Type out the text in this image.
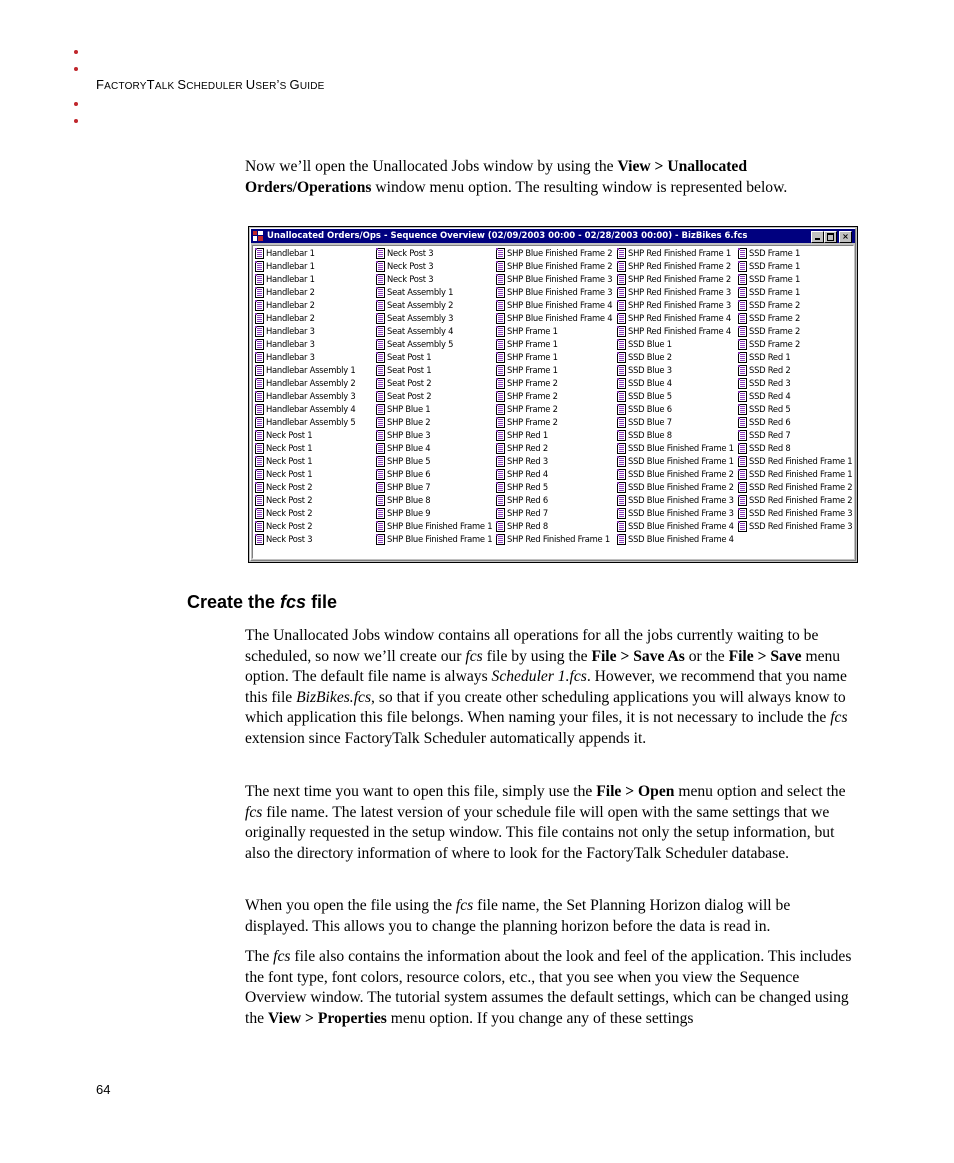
FACTORYTALK SCHEDULER USER’S GUIDE

Now we’ll open the Unallocated Jobs window by using the View > Unallocated Orders/Operations window menu option. The resulting window is represented below.

Unallocated Orders/Ops - Sequence Overview (02/09/2003 00:00 - 02/28/2003 00:00) - BizBikes 6.fcs	×
Handlebar 1
Handlebar 1
Handlebar 1
Handlebar 2
Handlebar 2
Handlebar 2
Handlebar 3
Handlebar 3
Handlebar 3
Handlebar Assembly 1
Handlebar Assembly 2
Handlebar Assembly 3
Handlebar Assembly 4
Handlebar Assembly 5
Neck Post 1
Neck Post 1
Neck Post 1
Neck Post 1
Neck Post 2
Neck Post 2
Neck Post 2
Neck Post 2
Neck Post 3
Neck Post 3
Neck Post 3
Neck Post 3
Seat Assembly 1
Seat Assembly 2
Seat Assembly 3
Seat Assembly 4
Seat Assembly 5
Seat Post 1
Seat Post 1
Seat Post 2
Seat Post 2
SHP Blue 1
SHP Blue 2
SHP Blue 3
SHP Blue 4
SHP Blue 5
SHP Blue 6
SHP Blue 7
SHP Blue 8
SHP Blue 9
SHP Blue Finished Frame 1
SHP Blue Finished Frame 1
SHP Blue Finished Frame 2
SHP Blue Finished Frame 2
SHP Blue Finished Frame 3
SHP Blue Finished Frame 3
SHP Blue Finished Frame 4
SHP Blue Finished Frame 4
SHP Frame 1
SHP Frame 1
SHP Frame 1
SHP Frame 1
SHP Frame 2
SHP Frame 2
SHP Frame 2
SHP Frame 2
SHP Red 1
SHP Red 2
SHP Red 3
SHP Red 4
SHP Red 5
SHP Red 6
SHP Red 7
SHP Red 8
SHP Red Finished Frame 1
SHP Red Finished Frame 1
SHP Red Finished Frame 2
SHP Red Finished Frame 2
SHP Red Finished Frame 3
SHP Red Finished Frame 3
SHP Red Finished Frame 4
SHP Red Finished Frame 4
SSD Blue 1
SSD Blue 2
SSD Blue 3
SSD Blue 4
SSD Blue 5
SSD Blue 6
SSD Blue 7
SSD Blue 8
SSD Blue Finished Frame 1
SSD Blue Finished Frame 1
SSD Blue Finished Frame 2
SSD Blue Finished Frame 2
SSD Blue Finished Frame 3
SSD Blue Finished Frame 3
SSD Blue Finished Frame 4
SSD Blue Finished Frame 4
SSD Frame 1
SSD Frame 1
SSD Frame 1
SSD Frame 1
SSD Frame 2
SSD Frame 2
SSD Frame 2
SSD Frame 2
SSD Red 1
SSD Red 2
SSD Red 3
SSD Red 4
SSD Red 5
SSD Red 6
SSD Red 7
SSD Red 8
SSD Red Finished Frame 1
SSD Red Finished Frame 1
SSD Red Finished Frame 2
SSD Red Finished Frame 2
SSD Red Finished Frame 3
SSD Red Finished Frame 3
Create the fcs file

The Unallocated Jobs window contains all operations for all the jobs currently waiting to be scheduled, so now we’ll create our fcs file by using the File > Save As or the File > Save menu option. The default file name is always Scheduler 1.fcs. However, we recommend that you name this file BizBikes.fcs, so that if you create other scheduling applications you will always know to which application this file belongs. When naming your files, it is not necessary to include the fcs extension since FactoryTalk Scheduler automatically appends it.

The next time you want to open this file, simply use the File > Open menu option and select the fcs file name. The latest version of your schedule file will open with the same settings that we originally requested in the setup window. This file contains not only the setup information, but also the directory information of where to look for the FactoryTalk Scheduler database.

When you open the file using the fcs file name, the Set Planning Horizon dialog will be displayed. This allows you to change the planning horizon before the data is read in.

The fcs file also contains the information about the look and feel of the application. This includes the font type, font colors, resource colors, etc., that you see when you view the Sequence Overview window. The tutorial system assumes the default settings, which can be changed using the View > Properties menu option. If you change any of these settings

64
